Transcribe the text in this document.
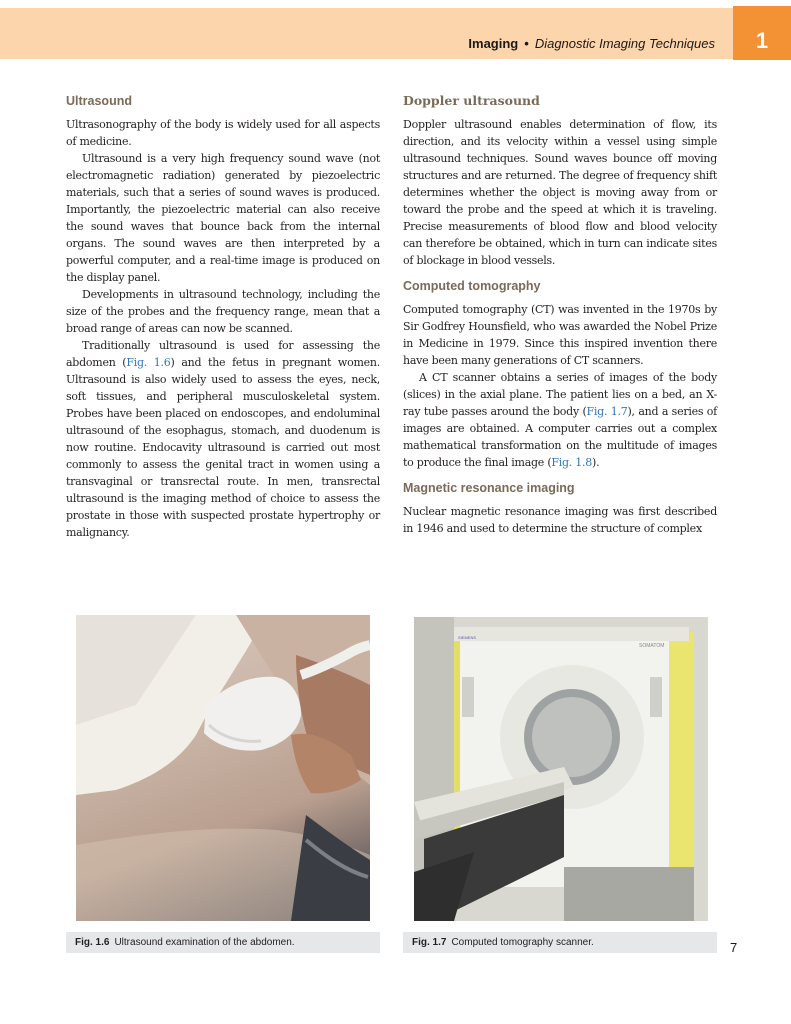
Imaging • Diagnostic Imaging Techniques	1
Ultrasound

Ultrasonography of the body is widely used for all aspects of medicine.

Ultrasound is a very high frequency sound wave (not electromagnetic radiation) generated by piezoelectric materials, such that a series of sound waves is produced. Importantly, the piezoelectric material can also receive the sound waves that bounce back from the internal organs. The sound waves are then interpreted by a powerful computer, and a real-time image is produced on the display panel.

Developments in ultrasound technology, including the size of the probes and the frequency range, mean that a broad range of areas can now be scanned.

Traditionally ultrasound is used for assessing the abdomen (Fig. 1.6) and the fetus in pregnant women. Ultrasound is also widely used to assess the eyes, neck, soft tissues, and peripheral musculoskeletal system. Probes have been placed on endoscopes, and endoluminal ultrasound of the esophagus, stomach, and duodenum is now routine. Endocavity ultrasound is carried out most commonly to assess the genital tract in women using a transvaginal or transrectal route. In men, transrectal ultrasound is the imaging method of choice to assess the prostate in those with suspected prostate hypertrophy or malignancy.

Doppler ultrasound

Doppler ultrasound enables determination of flow, its direction, and its velocity within a vessel using simple ultrasound techniques. Sound waves bounce off moving structures and are returned. The degree of frequency shift determines whether the object is moving away from or toward the probe and the speed at which it is traveling. Precise measurements of blood flow and blood velocity can therefore be obtained, which in turn can indicate sites of blockage in blood vessels.

Computed tomography

Computed tomography (CT) was invented in the 1970s by Sir Godfrey Hounsfield, who was awarded the Nobel Prize in Medicine in 1979. Since this inspired invention there have been many generations of CT scanners.

A CT scanner obtains a series of images of the body (slices) in the axial plane. The patient lies on a bed, an X-ray tube passes around the body (Fig. 1.7), and a series of images are obtained. A computer carries out a complex mathematical transformation on the multitude of images to produce the final image (Fig. 1.8).

Magnetic resonance imaging

Nuclear magnetic resonance imaging was first described in 1946 and used to determine the structure of complex

SOMATOM
SIEMENS
Fig. 1.6 Ultrasound examination of the abdomen.	Fig. 1.7 Computed tomography scanner.	7
